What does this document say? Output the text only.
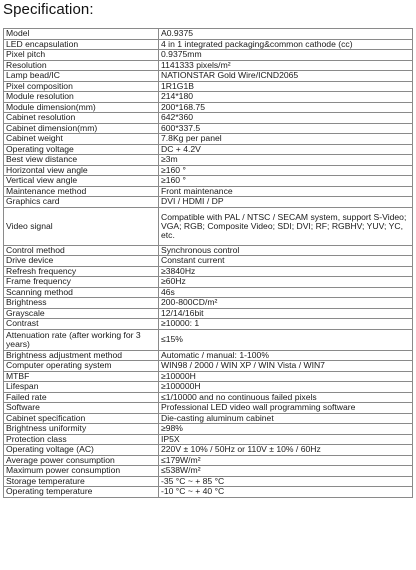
Specification:
Model	A0.9375
LED encapsulation	4 in 1 integrated packaging&common cathode (cc)
Pixel pitch	0.9375mm
Resolution	1141333 pixels/m²
Lamp bead/IC	NATIONSTAR Gold Wire/ICND2065
Pixel composition	1R1G1B
Module resolution	214*180
Module dimension(mm)	200*168.75
Cabinet resolution	642*360
Cabinet dimension(mm)	600*337.5
Cabinet weight	7.8Kg per panel
Operating voltage	DC + 4.2V
Best view distance	≥3m
Horizontal view angle	≥160 °
Vertical view angle	≥160 °
Maintenance method	Front maintenance
Graphics card	DVI / HDMI / DP
Video signal	Compatible with PAL / NTSC / SECAM system, support S-Video; VGA; RGB; Composite Video; SDI; DVI; RF; RGBHV; YUV; YC, etc.
Control method	Synchronous control
Drive device	Constant current
Refresh frequency	≥3840Hz
Frame frequency	≥60Hz
Scanning method	46s
Brightness	200-800CD/m²
Grayscale	12/14/16bit
Contrast	≥10000: 1
Attenuation rate (after working for 3 years)	≤15%
Brightness adjustment method	Automatic / manual: 1-100%
Computer operating system	WIN98 / 2000 / WIN XP / WIN Vista / WIN7
MTBF	≥10000H
Lifespan	≥100000H
Failed rate	≤1/10000 and no continuous failed pixels
Software	Professional LED video wall programming software
Cabinet specification	Die-casting aluminum cabinet
Brightness uniformity	≥98%
Protection class	IP5X
Operating voltage (AC)	220V ± 10% / 50Hz or 110V ± 10% / 60Hz
Average power consumption	≤179W/m²
Maximum power consumption	≤538W/m²
Storage temperature	-35 °C ~ + 85 °C
Operating temperature	-10 °C ~ + 40 °C
